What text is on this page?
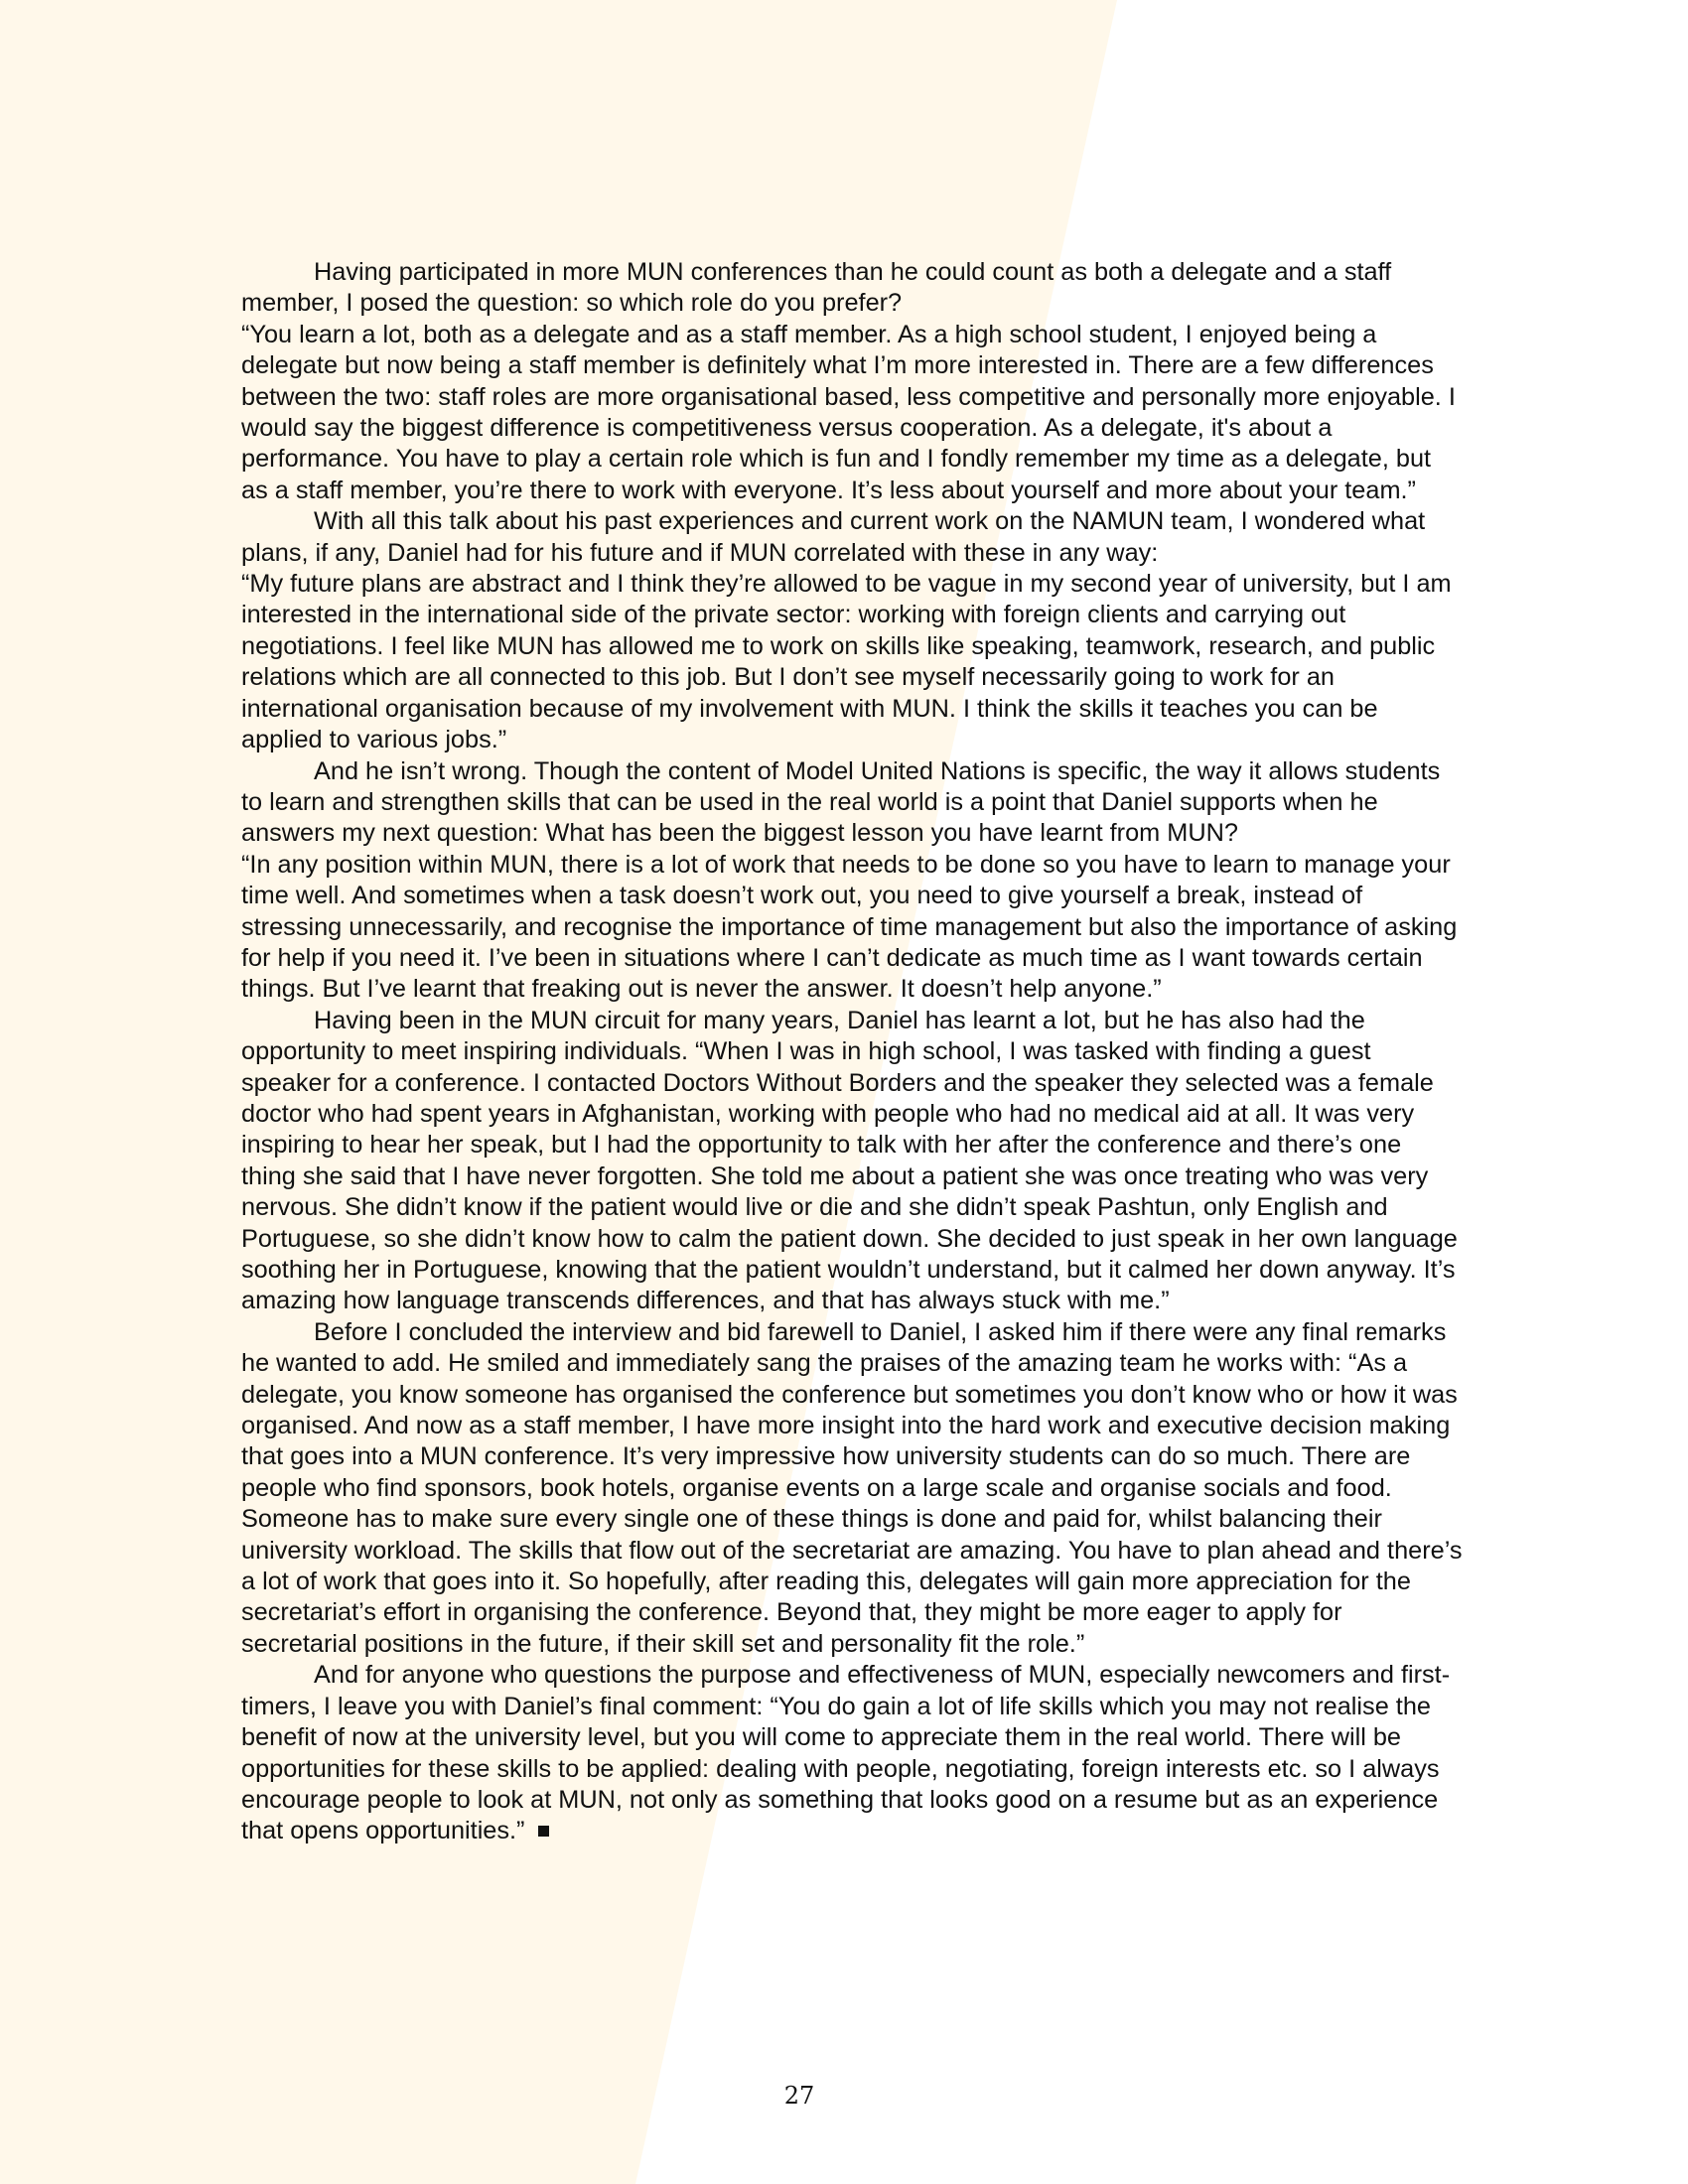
Having participated in more MUN conferences than he could count as both a delegate and a staff member, I posed the question: so which role do you prefer?

“You learn a lot, both as a delegate and as a staff member. As a high school student, I enjoyed being a delegate but now being a staff member is definitely what I’m more interested in. There are a few differences between the two: staff roles are more organisational based, less competitive and personally more enjoyable. I would say the biggest difference is competitiveness versus cooperation. As a delegate, it's about a performance. You have to play a certain role which is fun and I fondly remember my time as a delegate, but as a staff member, you’re there to work with everyone. It’s less about yourself and more about your team.”

With all this talk about his past experiences and current work on the NAMUN team, I wondered what plans, if any, Daniel had for his future and if MUN correlated with these in any way:

“My future plans are abstract and I think they’re allowed to be vague in my second year of university, but I am interested in the international side of the private sector: working with foreign clients and carrying out negotiations. I feel like MUN has allowed me to work on skills like speaking, teamwork, research, and public relations which are all connected to this job. But I don’t see myself necessarily going to work for an international organisation because of my involvement with MUN. I think the skills it teaches you can be applied to various jobs.”

And he isn’t wrong. Though the content of Model United Nations is specific, the way it allows students to learn and strengthen skills that can be used in the real world is a point that Daniel supports when he answers my next question: What has been the biggest lesson you have learnt from MUN?

“In any position within MUN, there is a lot of work that needs to be done so you have to learn to manage your time well. And sometimes when a task doesn’t work out, you need to give yourself a break, instead of stressing unnecessarily, and recognise the importance of time management but also the importance of asking for help if you need it. I’ve been in situations where I can’t dedicate as much time as I want towards certain things. But I’ve learnt that freaking out is never the answer. It doesn’t help anyone.”

Having been in the MUN circuit for many years, Daniel has learnt a lot, but he has also had the opportunity to meet inspiring individuals. “When I was in high school, I was tasked with finding a guest speaker for a conference. I contacted Doctors Without Borders and the speaker they selected was a female doctor who had spent years in Afghanistan, working with people who had no medical aid at all. It was very inspiring to hear her speak, but I had the opportunity to talk with her after the conference and there’s one thing she said that I have never forgotten. She told me about a patient she was once treating who was very nervous. She didn’t know if the patient would live or die and she didn’t speak Pashtun, only English and Portuguese, so she didn’t know how to calm the patient down. She decided to just speak in her own language soothing her in Portuguese, knowing that the patient wouldn’t understand, but it calmed her down anyway. It’s amazing how language transcends differences, and that has always stuck with me.”

Before I concluded the interview and bid farewell to Daniel, I asked him if there were any final remarks he wanted to add. He smiled and immediately sang the praises of the amazing team he works with: “As a delegate, you know someone has organised the conference but sometimes you don’t know who or how it was organised. And now as a staff member, I have more insight into the hard work and executive decision making that goes into a MUN conference. It’s very impressive how university students can do so much. There are people who find sponsors, book hotels, organise events on a large scale and organise socials and food. Someone has to make sure every single one of these things is done and paid for, whilst balancing their university workload. The skills that flow out of the secretariat are amazing. You have to plan ahead and there’s a lot of work that goes into it. So hopefully, after reading this, delegates will gain more appreciation for the secretariat’s effort in organising the conference. Beyond that, they might be more eager to apply for secretarial positions in the future, if their skill set and personality fit the role.”

And for anyone who questions the purpose and effectiveness of MUN, especially newcomers and first-timers, I leave you with Daniel’s final comment: “You do gain a lot of life skills which you may not realise the benefit of now at the university level, but you will come to appreciate them in the real world. There will be opportunities for these skills to be applied: dealing with people, negotiating, foreign interests etc. so I always encourage people to look at MUN, not only as something that looks good on a resume but as an experience that opens opportunities.”

27
